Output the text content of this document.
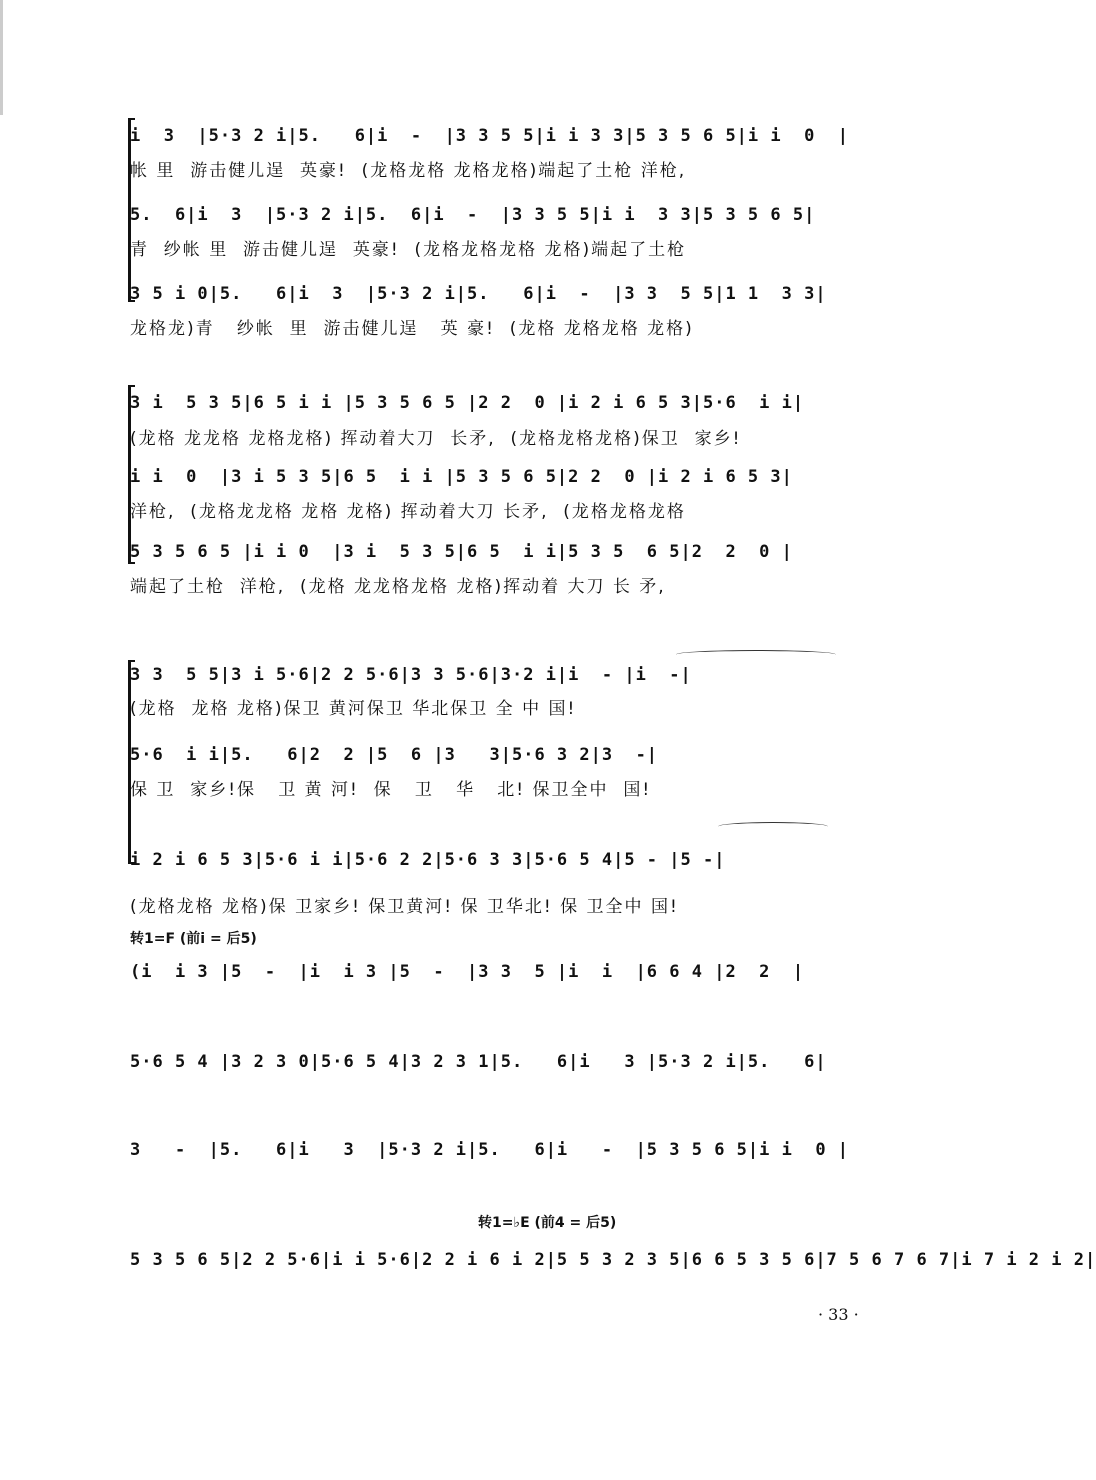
i  3  |5·3 2 i|5.   6|i  -  |3 3 5 5|i i 3 3|5 3 5 6 5|i i  0  |
帐 里  游击健儿逞  英豪!  (龙格龙格 龙格龙格)端起了土枪 洋枪,
5.  6|i  3  |5·3 2 i|5.  6|i  -  |3 3 5 5|i i  3 3|5 3 5 6 5|
青  纱帐 里  游击健儿逞  英豪!  (龙格龙格龙格 龙格)端起了土枪
3 5 i 0|5.   6|i  3  |5·3 2 i|5.   6|i  -  |3 3  5 5|1 1  3 3|
龙格龙)青   纱帐  里  游击健儿逞   英 豪!  (龙格 龙格龙格 龙格)
3 i  5 3 5|6 5 i i |5 3 5 6 5 |2 2  0 |i 2 i 6 5 3|5·6  i i|
(龙格 龙龙格 龙格龙格) 挥动着大刀  长矛,  (龙格龙格龙格)保卫  家乡!
i i  0  |3 i 5 3 5|6 5  i i |5 3 5 6 5|2 2  0 |i 2 i 6 5 3|
洋枪,  (龙格龙龙格 龙格 龙格) 挥动着大刀 长矛,  (龙格龙格龙格
5 3 5 6 5 |i i 0  |3 i  5 3 5|6 5  i i|5 3 5  6 5|2  2  0 |
端起了土枪  洋枪,  (龙格 龙龙格龙格 龙格)挥动着 大刀 长 矛,
3 3  5 5|3 i 5·6|2 2 5·6|3 3 5·6|3·2 i|i  - |i  -|
(龙格  龙格 龙格)保卫 黄河保卫 华北保卫 全 中 国!
5·6  i i|5.   6|2  2 |5  6 |3   3|5·6 3 2|3  -|
保 卫  家乡!保   卫 黄 河!  保   卫   华   北! 保卫全中  国!
i 2 i 6 5 3|5·6 i i|5·6 2 2|5·6 3 3|5·6 5 4|5 - |5 -|
(龙格龙格 龙格)保 卫家乡! 保卫黄河! 保 卫华北! 保 卫全中 国!
转1=F (前i = 后5)
(i  i 3 |5  -  |i  i 3 |5  -  |3 3  5 |i  i  |6 6 4 |2  2  |
5·6 5 4 |3 2 3 0|5·6 5 4|3 2 3 1|5.   6|i   3 |5·3 2 i|5.   6|
3   -  |5.   6|i   3  |5·3 2 i|5.   6|i   -  |5 3 5 6 5|i i  0 |
转1=♭E (前4 = 后5)
5 3 5 6 5|2 2 5·6|i i 5·6|2 2 i 6 i 2|5 5 3 2 3 5|6 6 5 3 5 6|7 5 6 7 6 7|i 7 i 2 i 2|
· 33 ·
